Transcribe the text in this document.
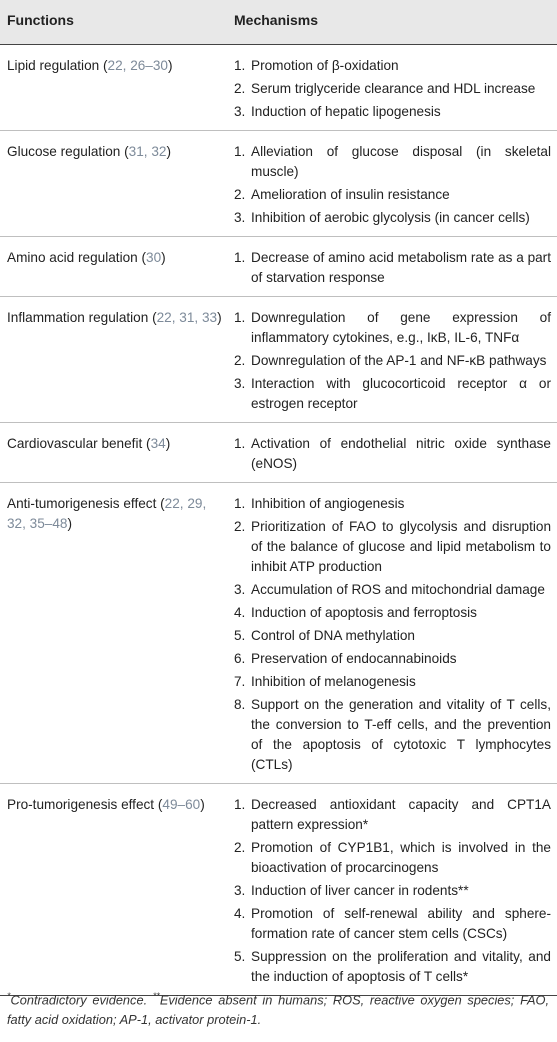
Functions	Mechanisms
Lipid regulation (22, 26–30)	1. Promotion of β-oxidation
2. Serum triglyceride clearance and HDL increase
3. Induction of hepatic lipogenesis
Glucose regulation (31, 32)	1. Alleviation of glucose disposal (in skeletal muscle)
2. Amelioration of insulin resistance
3. Inhibition of aerobic glycolysis (in cancer cells)
Amino acid regulation (30)	1. Decrease of amino acid metabolism rate as a part of starvation response
Inflammation regulation (22, 31, 33) 1. Downregulation of gene expression of inflammatory cytokines, e.g., IκB, IL-6, TNFα
2. Downregulation of the AP-1 and NF-κB pathways
3. Interaction with glucocorticoid receptor α or estrogen receptor
Cardiovascular benefit (34)	1. Activation of endothelial nitric oxide synthase (eNOS)
Anti-tumorigenesis effect (22, 29, 32, 35–48)
1. Inhibition of angiogenesis
2. Prioritization of FAO to glycolysis and disruption of the balance of glucose and lipid metabolism to inhibit ATP production
3. Accumulation of ROS and mitochondrial damage
4. Induction of apoptosis and ferroptosis
5. Control of DNA methylation
6. Preservation of endocannabinoids
7. Inhibition of melanogenesis
8. Support on the generation and vitality of T cells, the conversion to T-eff cells, and the prevention of the apoptosis of cytotoxic T lymphocytes (CTLs)
Pro-tumorigenesis effect (49–60)	1. Decreased antioxidant capacity and CPT1A pattern expression*
2. Promotion of CYP1B1, which is involved in the bioactivation of procarcinogens
3. Induction of liver cancer in rodents**
4. Promotion of self-renewal ability and sphere-formation rate of cancer stem cells (CSCs)
5. Suppression on the proliferation and vitality, and the induction of apoptosis of T cells*
*Contradictory evidence. **Evidence absent in humans; ROS, reactive oxygen species; FAO, fatty acid oxidation; AP-1, activator protein-1.
